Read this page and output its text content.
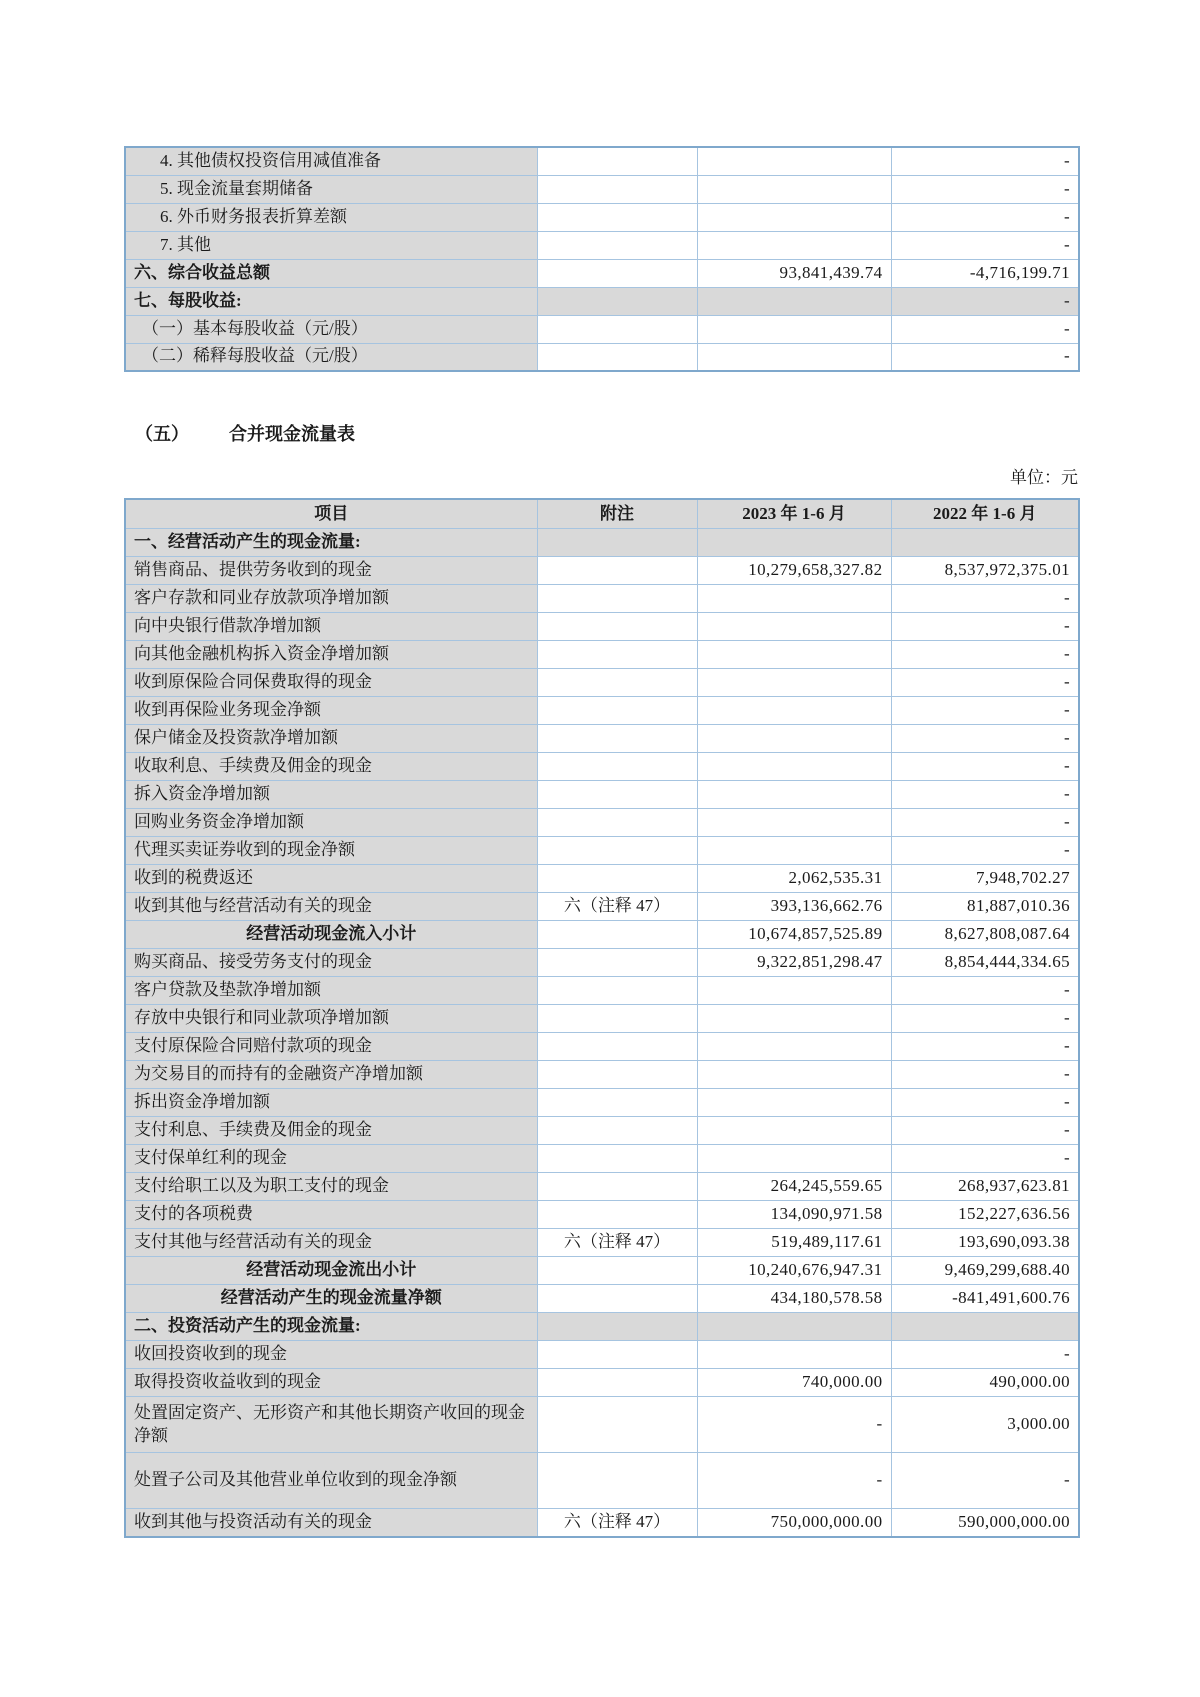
4. 其他债权投资信用减值准备			-
5. 现金流量套期储备			-
6. 外币财务报表折算差额			-
7. 其他			-
六、综合收益总额		93,841,439.74	-4,716,199.71
七、每股收益:			-
（一）基本每股收益（元/股）			-
（二）稀释每股收益（元/股）			-
（五） 合并现金流量表
单位：元
项目	附注	2023 年 1-6 月	2022 年 1-6 月
一、经营活动产生的现金流量:			
销售商品、提供劳务收到的现金		10,279,658,327.82	8,537,972,375.01
客户存款和同业存放款项净增加额			-
向中央银行借款净增加额			-
向其他金融机构拆入资金净增加额			-
收到原保险合同保费取得的现金			-
收到再保险业务现金净额			-
保户储金及投资款净增加额			-
收取利息、手续费及佣金的现金			-
拆入资金净增加额			-
回购业务资金净增加额			-
代理买卖证券收到的现金净额			-
收到的税费返还		2,062,535.31	7,948,702.27
收到其他与经营活动有关的现金	六（注释 47）	393,136,662.76	81,887,010.36
经营活动现金流入小计		10,674,857,525.89	8,627,808,087.64
购买商品、接受劳务支付的现金		9,322,851,298.47	8,854,444,334.65
客户贷款及垫款净增加额			-
存放中央银行和同业款项净增加额			-
支付原保险合同赔付款项的现金			-
为交易目的而持有的金融资产净增加额			-
拆出资金净增加额			-
支付利息、手续费及佣金的现金			-
支付保单红利的现金			-
支付给职工以及为职工支付的现金		264,245,559.65	268,937,623.81
支付的各项税费		134,090,971.58	152,227,636.56
支付其他与经营活动有关的现金	六（注释 47）	519,489,117.61	193,690,093.38
经营活动现金流出小计		10,240,676,947.31	9,469,299,688.40
经营活动产生的现金流量净额		434,180,578.58	-841,491,600.76
二、投资活动产生的现金流量:			
收回投资收到的现金			-
取得投资收益收到的现金		740,000.00	490,000.00
处置固定资产、无形资产和其他长期资产收回的现金净额		-	3,000.00
处置子公司及其他营业单位收到的现金净额		-	-
收到其他与投资活动有关的现金	六（注释 47）	750,000,000.00	590,000,000.00
